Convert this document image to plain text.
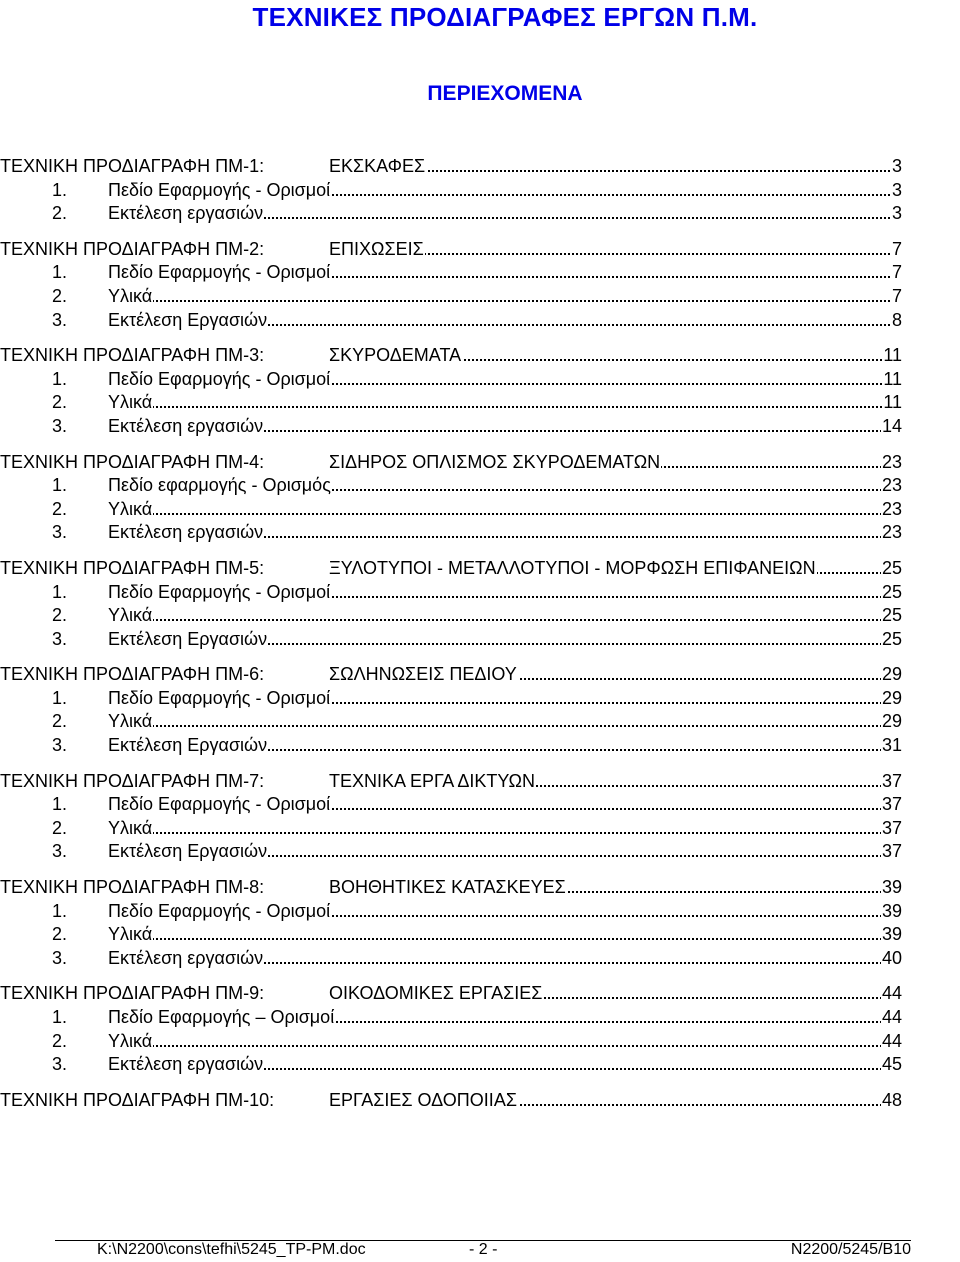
ΤΕΧΝΙΚΕΣ ΠΡΟΔΙΑΓΡΑΦΕΣ ΕΡΓΩΝ Π.Μ.
ΠΕΡΙΕΧΟΜΕΝΑ
ΤΕΧΝΙΚΗ ΠΡΟΔΙΑΓΡΑΦΗ ΠΜ-1:	ΕΚΣΚΑΦΕΣ	3
1. Πεδίο Εφαρμογής - Ορισμοί	3
2. Εκτέλεση εργασιών	3
ΤΕΧΝΙΚΗ ΠΡΟΔΙΑΓΡΑΦΗ ΠΜ-2:	ΕΠΙΧΩΣΕΙΣ	7
1. Πεδίο Εφαρμογής - Ορισμοί	7
2. Υλικά	7
3. Εκτέλεση Εργασιών	8
ΤΕΧΝΙΚΗ ΠΡΟΔΙΑΓΡΑΦΗ ΠΜ-3:	ΣΚΥΡΟΔΕΜΑΤΑ	11
1. Πεδίο Εφαρμογής - Ορισμοί	11
2. Υλικά	11
3. Εκτέλεση εργασιών	14
ΤΕΧΝΙΚΗ ΠΡΟΔΙΑΓΡΑΦΗ ΠΜ-4:	ΣΙΔΗΡΟΣ ΟΠΛΙΣΜΟΣ ΣΚΥΡΟΔΕΜΑΤΩΝ	23
1. Πεδίο εφαρμογής - Ορισμός	23
2. Υλικά	23
3. Εκτέλεση εργασιών	23
ΤΕΧΝΙΚΗ ΠΡΟΔΙΑΓΡΑΦΗ ΠΜ-5:	ΞΥΛΟΤΥΠΟΙ - ΜΕΤΑΛΛΟΤΥΠΟΙ - ΜΟΡΦΩΣΗ ΕΠΙΦΑΝΕΙΩΝ	25
1. Πεδίο Εφαρμογής - Ορισμοί	25
2. Υλικά	25
3. Εκτέλεση Εργασιών	25
ΤΕΧΝΙΚΗ ΠΡΟΔΙΑΓΡΑΦΗ ΠΜ-6:	ΣΩΛΗΝΩΣΕΙΣ ΠΕΔΙΟΥ	29
1. Πεδίο Εφαρμογής - Ορισμοί	29
2. Υλικά	29
3. Εκτέλεση Εργασιών	31
ΤΕΧΝΙΚΗ ΠΡΟΔΙΑΓΡΑΦΗ ΠΜ-7:	ΤΕΧΝΙΚΑ ΕΡΓΑ ΔΙΚΤΥΩΝ	37
1. Πεδίο Εφαρμογής - Ορισμοί	37
2. Υλικά	37
3. Εκτέλεση Εργασιών	37
ΤΕΧΝΙΚΗ ΠΡΟΔΙΑΓΡΑΦΗ ΠΜ-8:	ΒΟΗΘΗΤΙΚΕΣ ΚΑΤΑΣΚΕΥΕΣ	39
1. Πεδίο Εφαρμογής - Ορισμοί	39
2. Υλικά	39
3. Εκτέλεση εργασιών	40
ΤΕΧΝΙΚΗ ΠΡΟΔΙΑΓΡΑΦΗ ΠΜ-9:	ΟΙΚΟΔΟΜΙΚΕΣ ΕΡΓΑΣΙΕΣ	44
1. Πεδίο Εφαρμογής – Ορισμοί	44
2. Υλικά	44
3. Εκτέλεση εργασιών	45
ΤΕΧΝΙΚΗ ΠΡΟΔΙΑΓΡΑΦΗ ΠΜ-10:	ΕΡΓΑΣΙΕΣ ΟΔΟΠΟΙΙΑΣ	48
K:\N2200\cons\tefhi\5245_TP-PM.doc	- 2 -	N2200/5245/B10
